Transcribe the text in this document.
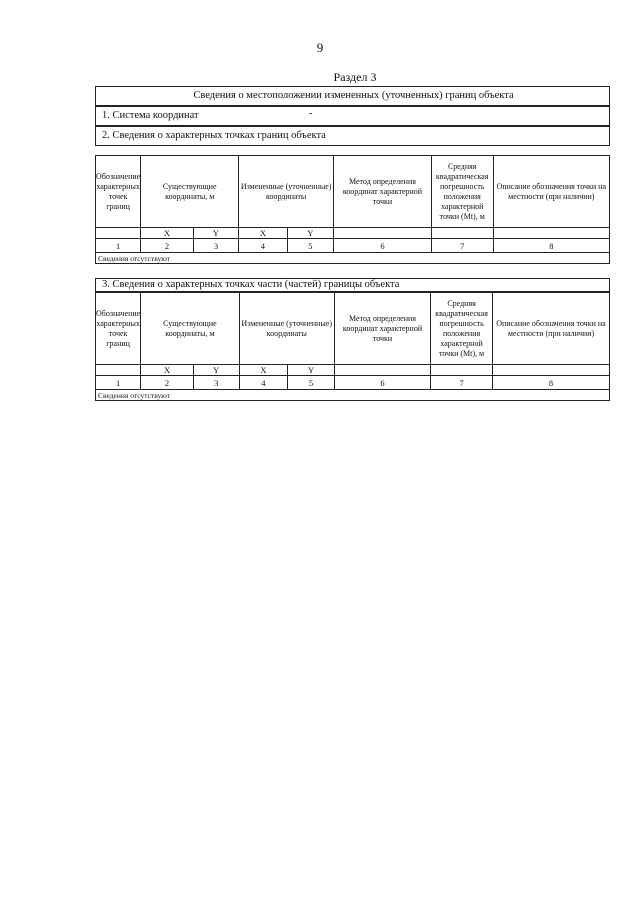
9
Раздел 3
Сведения о местоположении измененных (уточненных) границ объекта
1. Система координат	-
2. Сведения о характерных точках границ объекта
Обозначение характерных точек границ	Существующие координаты, м		Измененные (уточненные) координаты		Метод определения координат характерной точки	Средняя квадратическая погрешность положения характерной точки (Mt), м	Описание обозначения точки на местности (при наличии)
	X	Y	X	Y			
1	2	3	4	5	6	7	8
Сведения отсутствуют							
3. Сведения о характерных точках части (частей) границы объекта
Обозначение характерных точек границ	Существующие координаты, м		Измененные (уточненные) координаты		Метод определения координат характерной точки	Средняя квадратическая погрешность положения характерной точки (Mt), м	Описание обозначения точки на местности (при наличии)
	X	Y	X	Y			
1	2	3	4	5	6	7	8
Сведения отсутствуют							
